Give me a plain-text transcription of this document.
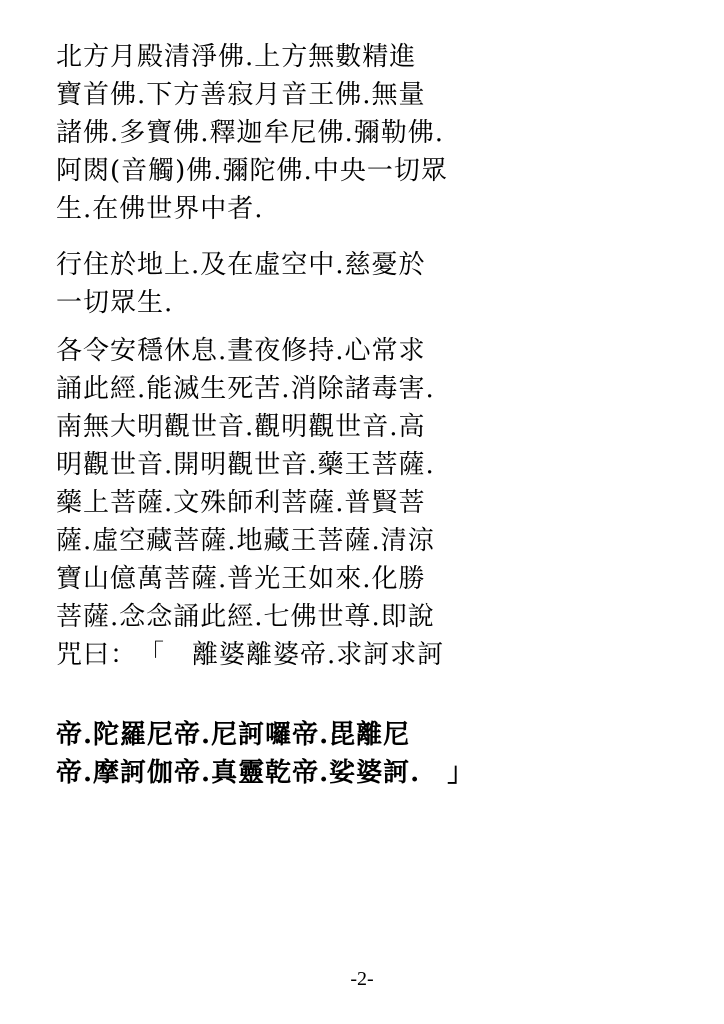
北方月殿清淨佛.上方無數精進
寶首佛.下方善寂月音王佛.無量
諸佛.多寶佛.釋迦牟尼佛.彌勒佛.
阿閦(音觸)佛.彌陀佛.中央一切眾
生.在佛世界中者.
行住於地上.及在虛空中.慈憂於
一切眾生.
各令安穩休息.晝夜修持.心常求
誦此經.能滅生死苦.消除諸毒害.
南無大明觀世音.觀明觀世音.高
明觀世音.開明觀世音.藥王菩薩.
藥上菩薩.文殊師利菩薩.普賢菩
薩.虛空藏菩薩.地藏王菩薩.清涼
寶山億萬菩薩.普光王如來.化勝
菩薩.念念誦此經.七佛世尊.即說
咒曰：　「　離婆離婆帝.求訶求訶
帝.陀羅尼帝.尼訶囉帝.毘離尼
帝.摩訶伽帝.真靈乾帝.娑婆訶.　」
-2-
